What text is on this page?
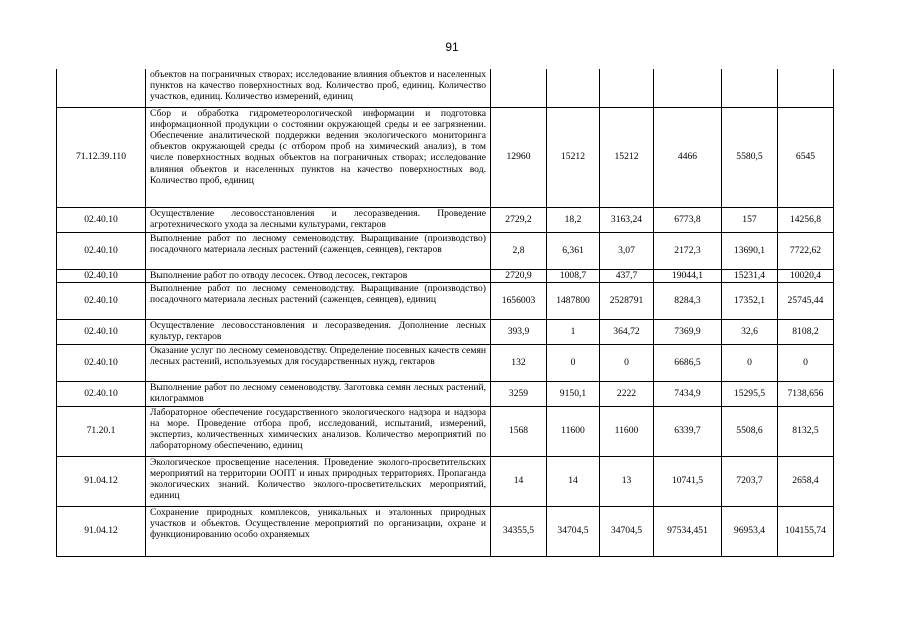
91
	объектов на пограничных створах; исследование влияния объектов и населенных пунктов на качество поверхностных вод. Количество проб, единиц. Количество участков, единиц. Количество измерений, единиц						
71.12.39.110	Сбор и обработка гидрометеорологической информации и подготовка информационной продукции о состоянии окружающей среды и ее загрязнении. Обеспечение аналитической поддержки ведения экологического мониторинга объектов окружающей среды (с отбором проб на химический анализ), в том числе поверхностных водных объектов на пограничных створах; исследование влияния объектов и населенных пунктов на качество поверхностных вод. Количество проб, единиц	12960	15212	15212	4466	5580,5	6545
02.40.10	Осуществление лесовосстановления и лесоразведения. Проведение агротехнического ухода за лесными культурами, гектаров	2729,2	18,2	3163,24	6773,8	157	14256,8
02.40.10	Выполнение работ по лесному семеноводству. Выращивание (производство) посадочного материала лесных растений (саженцев, сеянцев), гектаров	2,8	6,361	3,07	2172,3	13690,1	7722,62
02.40.10	Выполнение работ по отводу лесосек. Отвод лесосек, гектаров	2720,9	1008,7	437,7	19044,1	15231,4	10020,4
02.40.10	Выполнение работ по лесному семеноводству. Выращивание (производство) посадочного материала лесных растений (саженцев, сеянцев), единиц	1656003	1487800	2528791	8284,3	17352,1	25745,44
02.40.10	Осуществление лесовосстановления и лесоразведения. Дополнение лесных культур, гектаров	393,9	1	364,72	7369,9	32,6	8108,2
02.40.10	Оказание услуг по лесному семеноводству. Определение посевных качеств семян лесных растений, используемых для государственных нужд, гектаров	132	0	0	6686,5	0	0
02.40.10	Выполнение работ по лесному семеноводству. Заготовка семян лесных растений, килограммов	3259	9150,1	2222	7434,9	15295,5	7138,656
71.20.1	Лабораторное обеспечение государственного экологического надзора и надзора на море. Проведение отбора проб, исследований, испытаний, измерений, экспертиз, количественных химических анализов. Количество мероприятий по лабораторному обеспечению, единиц	1568	11600	11600	6339,7	5508,6	8132,5
91.04.12	Экологическое просвещение населения. Проведение эколого-просветительских мероприятий на территории ООПТ и иных природных территориях. Пропаганда экологических знаний. Количество эколого-просветительских мероприятий, единиц	14	14	13	10741,5	7203,7	2658,4
91.04.12	Сохранение природных комплексов, уникальных и эталонных природных участков и объектов. Осуществление мероприятий по организации, охране и функционированию особо охраняемых	34355,5	34704,5	34704,5	97534,451	96953,4	104155,74
